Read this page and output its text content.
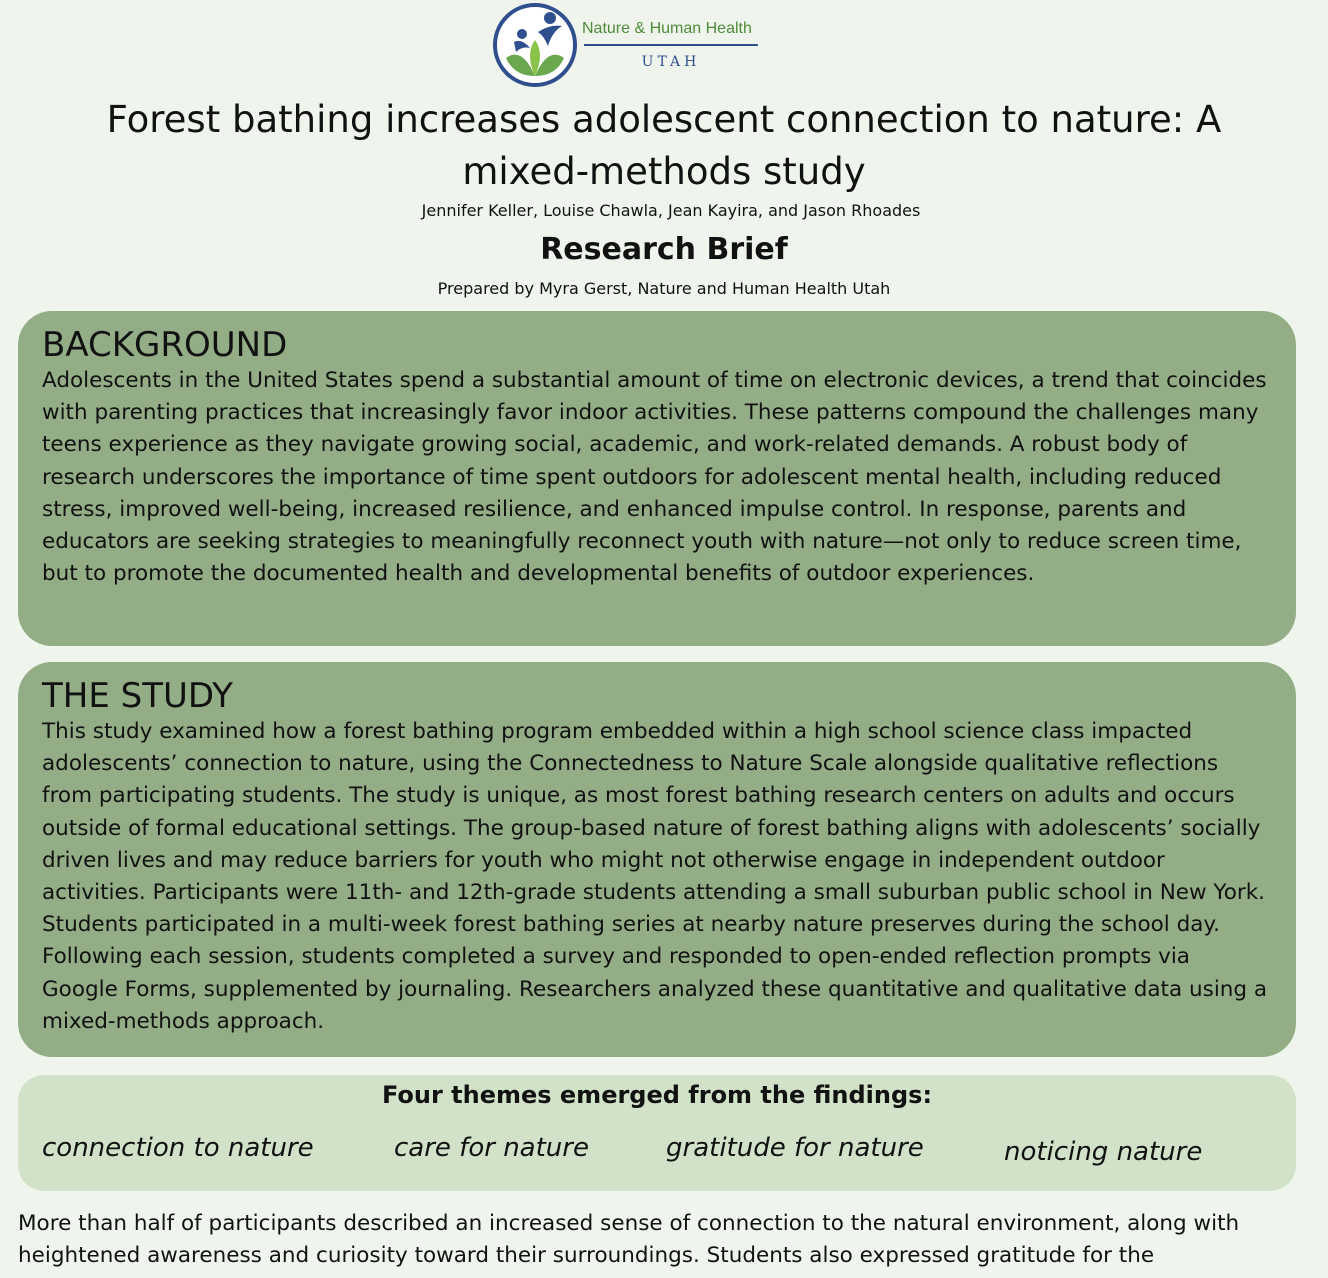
Nature & Human Health
UTAH
Forest bathing increases adolescent connection to nature: A mixed-methods study
Jennifer Keller, Louise Chawla, Jean Kayira, and Jason Rhoades
Research Brief
Prepared by Myra Gerst, Nature and Human Health Utah
BACKGROUND

Adolescents in the United States spend a substantial amount of time on electronic devices, a trend that coincides with parenting practices that increasingly favor indoor activities. These patterns compound the challenges many teens experience as they navigate growing social, academic, and work-related demands. A robust body of research underscores the importance of time spent outdoors for adolescent mental health, including reduced stress, improved well-being, increased resilience, and enhanced impulse control. In response, parents and educators are seeking strategies to meaningfully reconnect youth with nature—not only to reduce screen time, but to promote the documented health and developmental benefits of outdoor experiences.

THE STUDY

This study examined how a forest bathing program embedded within a high school science class impacted adolescents’ connection to nature, using the Connectedness to Nature Scale alongside qualitative reflections from participating students. The study is unique, as most forest bathing research centers on adults and occurs outside of formal educational settings. The group-based nature of forest bathing aligns with adolescents’ socially driven lives and may reduce barriers for youth who might not otherwise engage in independent outdoor activities. Participants were 11th- and 12th-grade students attending a small suburban public school in New York. Students participated in a multi-week forest bathing series at nearby nature preserves during the school day. Following each session, students completed a survey and responded to open-ended reflection prompts via Google Forms, supplemented by journaling. Researchers analyzed these quantitative and qualitative data using a mixed-methods approach.

Four themes emerged from the findings:
connection to nature	care for nature	gratitude for nature	noticing nature

More than half of participants described an increased sense of connection to the natural environment, along with heightened awareness and curiosity toward their surroundings. Students also expressed gratitude for the
